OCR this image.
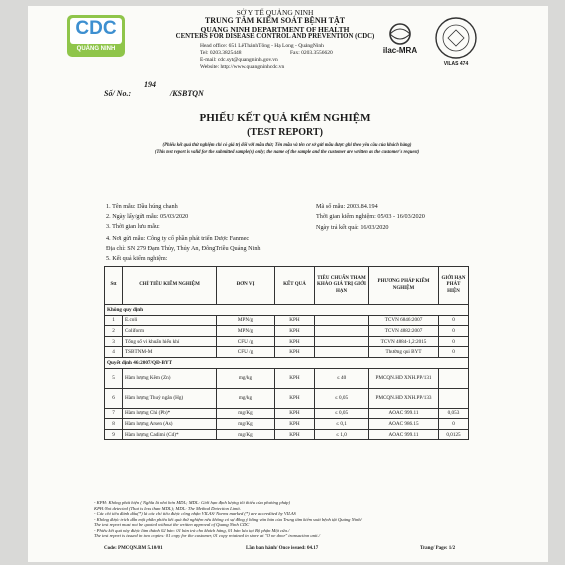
CDC
QUẢNG NINH
SỞ Y TẾ QUẢNG NINH
TRUNG TÂM KIỂM SOÁT BỆNH TẬT
QUANG NINH DEPARTMENT OF HEALTH
CENTERS FOR DISEASE CONTROL AND PREVENTION (CDC)
Head office: 651 LêThánhTông - Hạ Long - QuảngNinh
Tel: 0203.3825448	Fax: 0203.3556620
E-mail: cdc.syt@quangninh.gov.vn
Website: http://www.quangninhcdc.vn
ilac-MRA
VILAS 474
Số/ No.:
194
/KSBTQN
PHIẾU KẾT QUẢ KIỂM NGHIỆM
(TEST REPORT)
(Phiếu kết quả thử nghiệm chỉ có giá trị đối với mẫu thử; Tên mẫu và tên cơ sở gửi mẫu được ghi theo yêu cầu của khách hàng)
(This test report is valid for the submitted sample(s) only; the name of the sample and the customer are written as the customer's request)
1. Tên mẫu: Dầu húng chanh	Mã số mẫu: 2003.84.194
2. Ngày lấy/gửi mẫu: 05/03/2020	Thời gian kiểm nghiệm: 05/03 - 16/03/2020
3. Thời gian lưu mẫu:	Ngày trả kết quả: 16/03/2020
4. Nơi gửi mẫu: Công ty cổ phần phát triển Dược Fanmec
Địa chỉ: SN 279 Đạm Thủy, Thủy An, ĐôngTriều Quảng Ninh
5. Kết quả kiểm nghiệm:
Stt	CHỈ TIÊU KIỂM NGHIỆM	ĐƠN VỊ	KẾT QUẢ	TIÊU CHUẨN THAM KHẢO GIÁ TRỊ GIỚI HẠN	PHƯƠNG PHÁP KIỂM NGHIỆM	GIỚI HẠN PHÁT HIỆN
Không quy định						
1	E.coli	MPN/g	KPH		TCVN 6846:2007	0
2	Coliform	MPN/g	KPH		TCVN 4882:2007	0
3	Tổng số vi khuẩn hiếu khí	CFU /g	KPH		TCVN 4884-1,2:2015	0
4	TSBTNM-M	CFU /g	KPH		Thường qui BYT	0
Quyết định 46:2007/QĐ-BYT						
5	Hàm lượng Kẽm (Zn)	mg/kg	KPH	≤ 40	PMCQN.HD XNH.PP/131	
6	Hàm lượng Thuỷ ngân (Hg)	mg/kg	KPH	≤ 0,05	PMCQN.HD XNH.PP/133	
7	Hàm lượng Chì (Pb)*	mg/Kg	KPH	≤ 0,05	AOAC 999.11	0,053
8	Hàm lượng Arsen (As)	mg/Kg	KPH	≤ 0,1	AOAC 986.15	0
9	Hàm lượng Cadimi (Cd)*	mg/Kg	KPH	≤ 1,0	AOAC 999.11	0,0125
- KPH: Không phát hiện ( Nghĩa là nhỏ hơn MDL; MDL: Giới hạn định lượng tối thiểu của phương pháp)
KPH:Not detected (That is less than MDL); MDL: The Method Detection Limit.
- Các chỉ tiêu đánh dấu(*) là các chỉ tiêu được công nhận VILAS/ Norms marked (*) are accredited by VILAS
- Không được trích dẫn một phần phiếu kết quả thử nghiệm nếu không có sự đồng ý bằng văn bản của Trung tâm kiểm soát bệnh tật Quảng Ninh/
The test report must not be quoted without the written approval of Quang Ninh CDC
- Phiếu kết quả này được làm thành 02 bản: 01 bản trả cho khách hàng, 01 bản lưu tại Bộ phận Một cửa./
The test report is issued in two copies: 01 copy for the customer, 01 copy retained in store at "O ne door" transaction unit./
Code: PMCQN.BM 5.10/01	Lần ban hành/ Once issued: 04.17	Trang/ Page: 1/2
